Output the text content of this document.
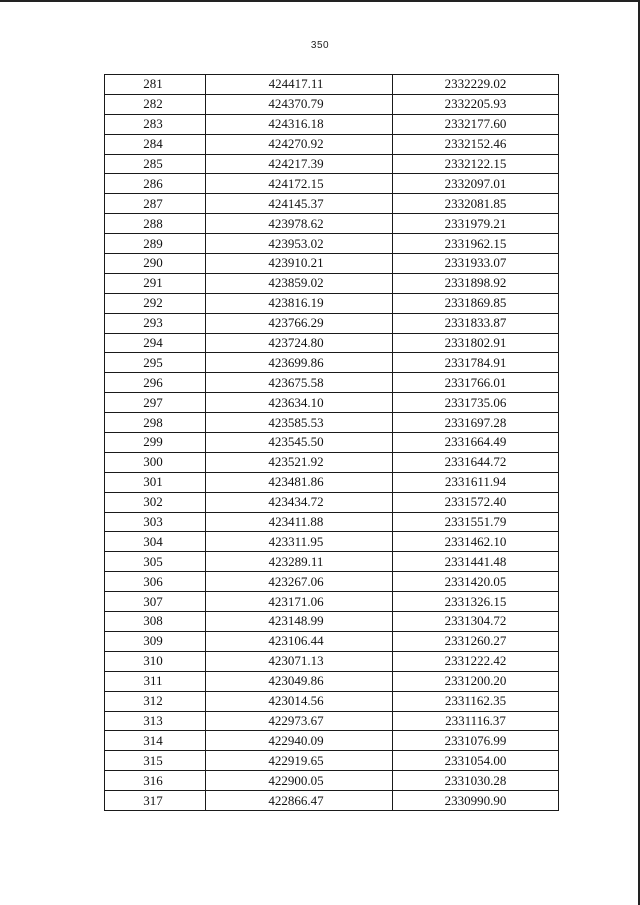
350
281	424417.11	2332229.02
282	424370.79	2332205.93
283	424316.18	2332177.60
284	424270.92	2332152.46
285	424217.39	2332122.15
286	424172.15	2332097.01
287	424145.37	2332081.85
288	423978.62	2331979.21
289	423953.02	2331962.15
290	423910.21	2331933.07
291	423859.02	2331898.92
292	423816.19	2331869.85
293	423766.29	2331833.87
294	423724.80	2331802.91
295	423699.86	2331784.91
296	423675.58	2331766.01
297	423634.10	2331735.06
298	423585.53	2331697.28
299	423545.50	2331664.49
300	423521.92	2331644.72
301	423481.86	2331611.94
302	423434.72	2331572.40
303	423411.88	2331551.79
304	423311.95	2331462.10
305	423289.11	2331441.48
306	423267.06	2331420.05
307	423171.06	2331326.15
308	423148.99	2331304.72
309	423106.44	2331260.27
310	423071.13	2331222.42
311	423049.86	2331200.20
312	423014.56	2331162.35
313	422973.67	2331116.37
314	422940.09	2331076.99
315	422919.65	2331054.00
316	422900.05	2331030.28
317	422866.47	2330990.90
